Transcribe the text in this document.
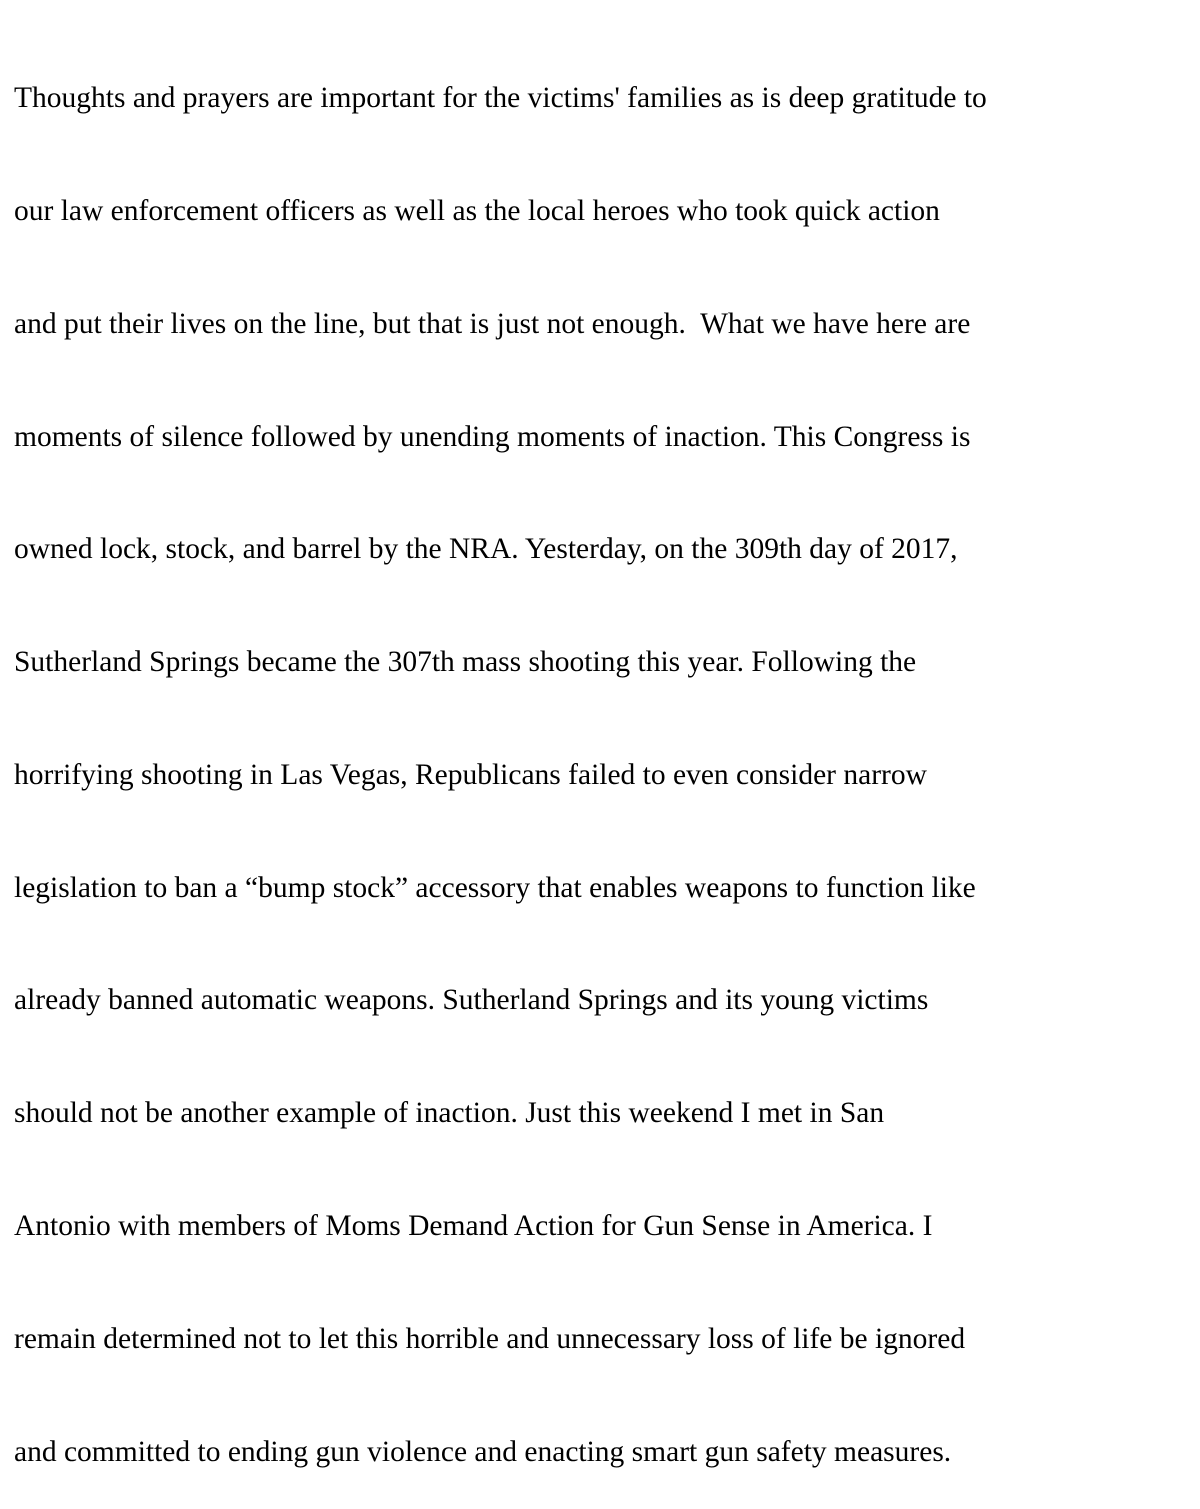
Thoughts and prayers are important for the victims' families as is deep gratitude to

our law enforcement officers as well as the local heroes who took quick action

and put their lives on the line, but that is just not enough.  What we have here are

moments of silence followed by unending moments of inaction. This Congress is

owned lock, stock, and barrel by the NRA. Yesterday, on the 309th day of 2017,

Sutherland Springs became the 307th mass shooting this year. Following the

horrifying shooting in Las Vegas, Republicans failed to even consider narrow

legislation to ban a “bump stock” accessory that enables weapons to function like

already banned automatic weapons. Sutherland Springs and its young victims

should not be another example of inaction. Just this weekend I met in San

Antonio with members of Moms Demand Action for Gun Sense in America. I

remain determined not to let this horrible and unnecessary loss of life be ignored

and committed to ending gun violence and enacting smart gun safety measures.
